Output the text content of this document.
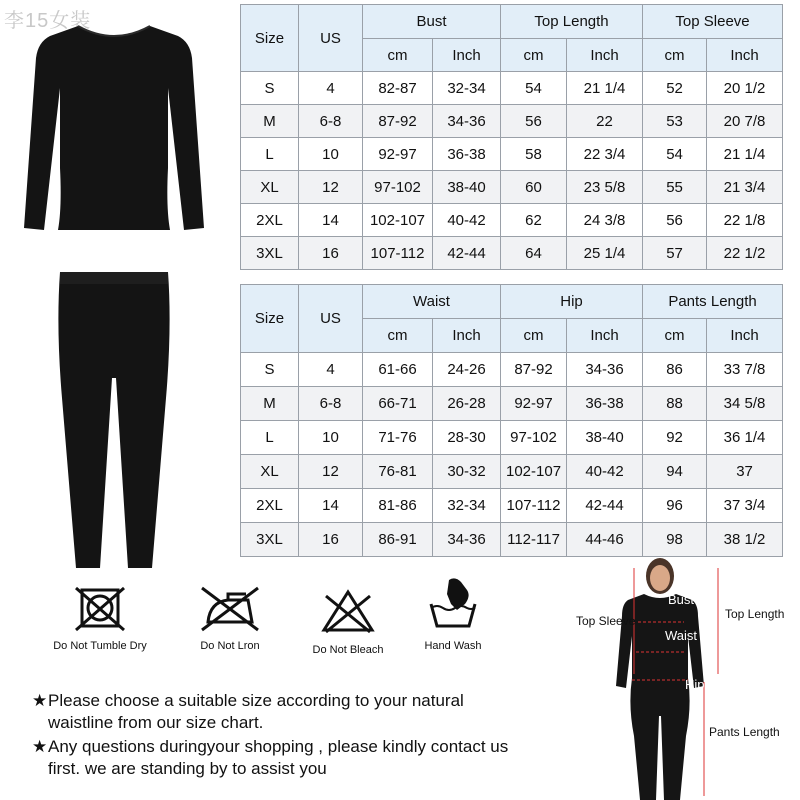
李15女装
Size	US	Bust		Top Length		Top Sleeve	
		cm	Inch	cm	Inch	cm	Inch
S	4	82-87	32-34	54	21 1/4	52	20 1/2
M	6-8	87-92	34-36	56	22	53	20 7/8
L	10	92-97	36-38	58	22 3/4	54	21 1/4
XL	12	97-102	38-40	60	23 5/8	55	21 3/4
2XL	14	102-107	40-42	62	24 3/8	56	22 1/8
3XL	16	107-112	42-44	64	25 1/4	57	22 1/2
Size	US	Waist		Hip		Pants Length	
		cm	Inch	cm	Inch	cm	Inch
S	4	61-66	24-26	87-92	34-36	86	33 7/8
M	6-8	66-71	26-28	92-97	36-38	88	34 5/8
L	10	71-76	28-30	97-102	38-40	92	36 1/4
XL	12	76-81	30-32	102-107	40-42	94	37
2XL	14	81-86	32-34	107-112	42-44	96	37 3/4
3XL	16	86-91	34-36	112-117	44-46	98	38 1/2
Do Not Tumble Dry	Do Not Lron	Do Not Bleach	Hand Wash
★ Please choose a suitable size according to your natural waistline from our size chart.
★ Any questions duringyour shopping , please kindly contact us first. we are standing by to assist you
Top Sleeve	Top Length
Bust
Waist
Hip
Pants Length
